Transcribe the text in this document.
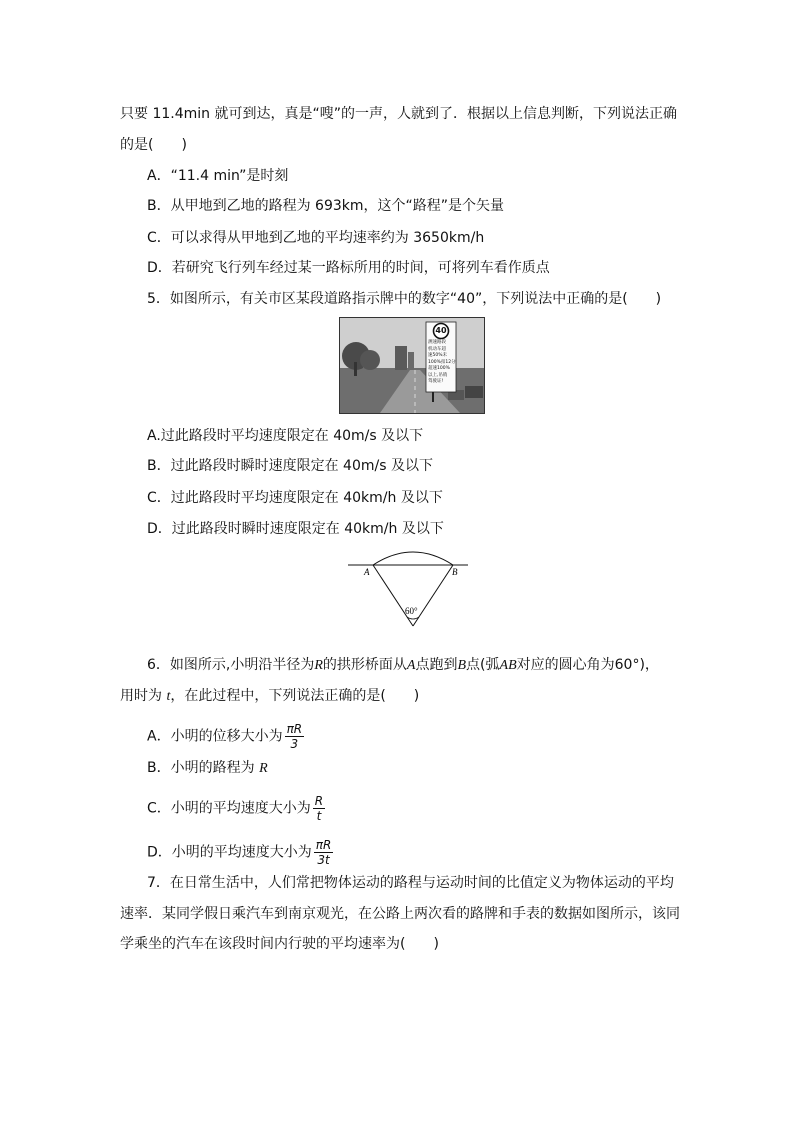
只要 11.4min 就可到达，真是“嗖”的一声，人就到了．根据以上信息判断，下列说法正确
的是(　　)
A．“11.4 min”是时刻
B．从甲地到乙地的路程为 693km，这个“路程”是个矢量
C．可以求得从甲地到乙地的平均速率约为 3650km/h
D．若研究飞行列车经过某一路标所用的时间，可将列车看作质点
5．如图所示，有关市区某段道路指示牌中的数字“40”，下列说法中正确的是(　　)
40
测速路段
机动车超
速50%未
100%扣12分
超速100%
以上,吊销
驾驶证!
A.过此路段时平均速度限定在 40m/s 及以下
B．过此路段时瞬时速度限定在 40m/s 及以下
C．过此路段时平均速度限定在 40km/h 及以下
D．过此路段时瞬时速度限定在 40km/h 及以下
A	B
60°
6．如图所示,小明沿半径为R的拱形桥面从A点跑到B点(弧AB对应的圆心角为60°)，
用时为 t，在此过程中，下列说法正确的是(　　)
A．小明的位移大小为 $\frac{\pi R}{3}$
B．小明的路程为 R
C．小明的平均速度大小为 $\frac{R}{t}$
D．小明的平均速度大小为 $\frac{\pi R}{3t}$
7．在日常生活中，人们常把物体运动的路程与运动时间的比值定义为物体运动的平均
速率．某同学假日乘汽车到南京观光，在公路上两次看的路牌和手表的数据如图所示，该同
学乘坐的汽车在该段时间内行驶的平均速率为(　　)
